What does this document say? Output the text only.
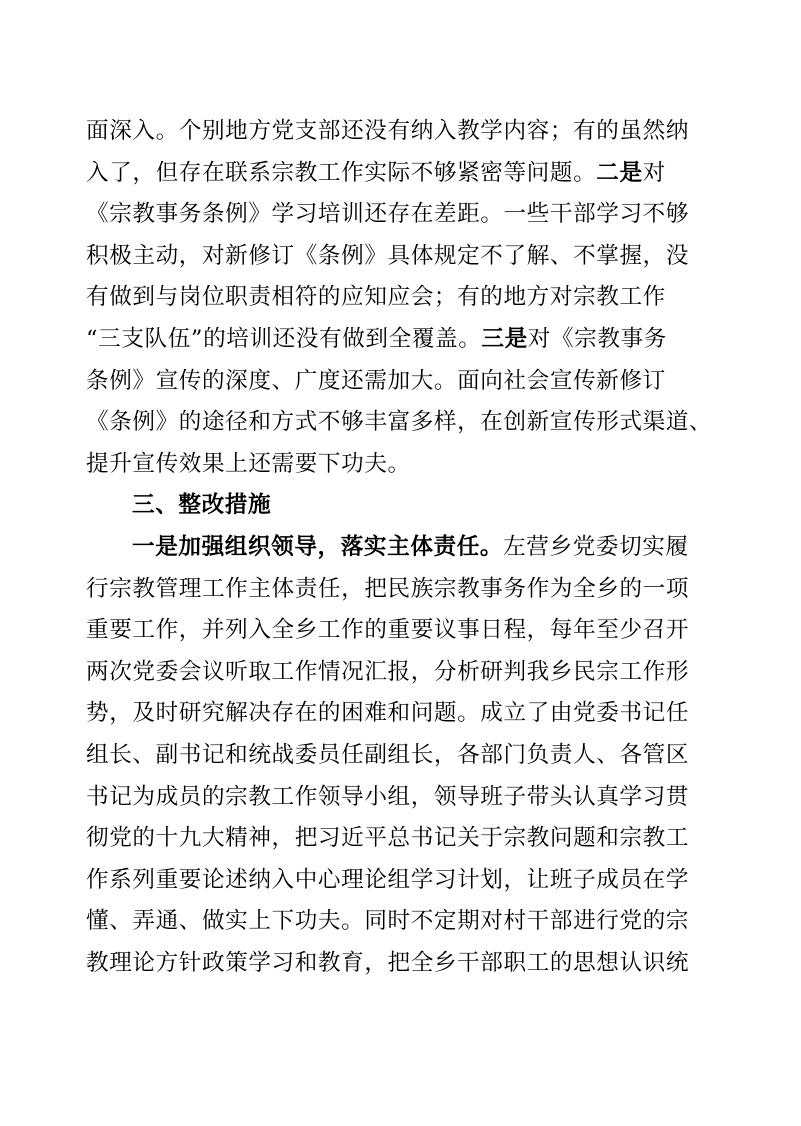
面深入。个别地方党支部还没有纳入教学内容；有的虽然纳
入了，但存在联系宗教工作实际不够紧密等问题。二是对
《宗教事务条例》学习培训还存在差距。一些干部学习不够
积极主动，对新修订《条例》具体规定不了解、不掌握，没
有做到与岗位职责相符的应知应会；有的地方对宗教工作
“三支队伍”的培训还没有做到全覆盖。三是对《宗教事务
条例》宣传的深度、广度还需加大。面向社会宣传新修订
《条例》的途径和方式不够丰富多样，在创新宣传形式渠道、
提升宣传效果上还需要下功夫。
三、整改措施
一是加强组织领导，落实主体责任。左营乡党委切实履
行宗教管理工作主体责任，把民族宗教事务作为全乡的一项
重要工作，并列入全乡工作的重要议事日程，每年至少召开
两次党委会议听取工作情况汇报，分析研判我乡民宗工作形
势，及时研究解决存在的困难和问题。成立了由党委书记任
组长、副书记和统战委员任副组长，各部门负责人、各管区
书记为成员的宗教工作领导小组，领导班子带头认真学习贯
彻党的十九大精神，把习近平总书记关于宗教问题和宗教工
作系列重要论述纳入中心理论组学习计划，让班子成员在学
懂、弄通、做实上下功夫。同时不定期对村干部进行党的宗
教理论方针政策学习和教育，把全乡干部职工的思想认识统
